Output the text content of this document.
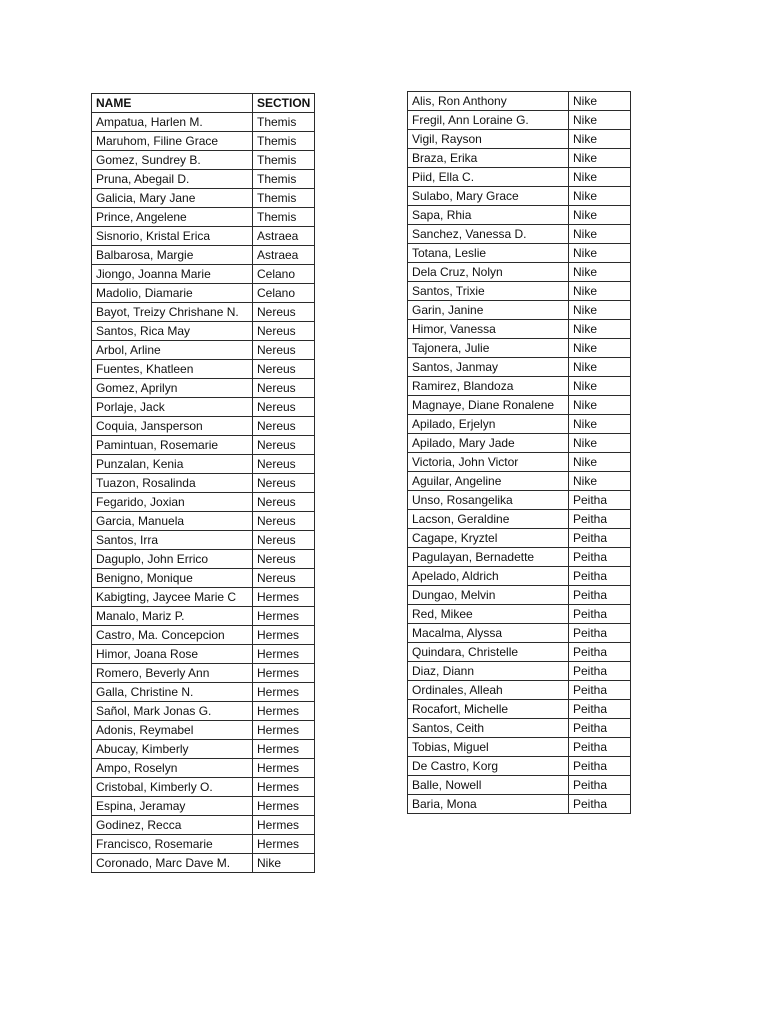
NAME	SECTION
Ampatua, Harlen M.	Themis
Maruhom, Filine Grace	Themis
Gomez, Sundrey B.	Themis
Pruna, Abegail D.	Themis
Galicia, Mary Jane	Themis
Prince, Angelene	Themis
Sisnorio, Kristal Erica	Astraea
Balbarosa, Margie	Astraea
Jiongo, Joanna Marie	Celano
Madolio, Diamarie	Celano
Bayot, Treizy Chrishane N.	Nereus
Santos, Rica May	Nereus
Arbol, Arline	Nereus
Fuentes, Khatleen	Nereus
Gomez, Aprilyn	Nereus
Porlaje, Jack	Nereus
Coquia, Jansperson	Nereus
Pamintuan, Rosemarie	Nereus
Punzalan, Kenia	Nereus
Tuazon, Rosalinda	Nereus
Fegarido, Joxian	Nereus
Garcia, Manuela	Nereus
Santos, Irra	Nereus
Daguplo, John Errico	Nereus
Benigno, Monique	Nereus
Kabigting, Jaycee Marie C	Hermes
Manalo, Mariz P.	Hermes
Castro, Ma. Concepcion	Hermes
Himor, Joana Rose	Hermes
Romero, Beverly Ann	Hermes
Galla, Christine N.	Hermes
Sañol, Mark Jonas G.	Hermes
Adonis, Reymabel	Hermes
Abucay, Kimberly	Hermes
Ampo, Roselyn	Hermes
Cristobal, Kimberly O.	Hermes
Espina, Jeramay	Hermes
Godinez, Recca	Hermes
Francisco, Rosemarie	Hermes
Coronado, Marc Dave M.	Nike
Alis, Ron Anthony	Nike
Fregil, Ann Loraine G.	Nike
Vigil, Rayson	Nike
Braza, Erika	Nike
Piid, Ella C.	Nike
Sulabo, Mary Grace	Nike
Sapa, Rhia	Nike
Sanchez, Vanessa D.	Nike
Totana, Leslie	Nike
Dela Cruz, Nolyn	Nike
Santos, Trixie	Nike
Garin, Janine	Nike
Himor, Vanessa	Nike
Tajonera, Julie	Nike
Santos, Janmay	Nike
Ramirez, Blandoza	Nike
Magnaye, Diane Ronalene	Nike
Apilado, Erjelyn	Nike
Apilado, Mary Jade	Nike
Victoria, John Victor	Nike
Aguilar, Angeline	Nike
Unso, Rosangelika	Peitha
Lacson, Geraldine	Peitha
Cagape, Kryztel	Peitha
Pagulayan, Bernadette	Peitha
Apelado, Aldrich	Peitha
Dungao, Melvin	Peitha
Red, Mikee	Peitha
Macalma, Alyssa	Peitha
Quindara, Christelle	Peitha
Diaz, Diann	Peitha
Ordinales, Alleah	Peitha
Rocafort, Michelle	Peitha
Santos, Ceith	Peitha
Tobias, Miguel	Peitha
De Castro, Korg	Peitha
Balle, Nowell	Peitha
Baria, Mona	Peitha
